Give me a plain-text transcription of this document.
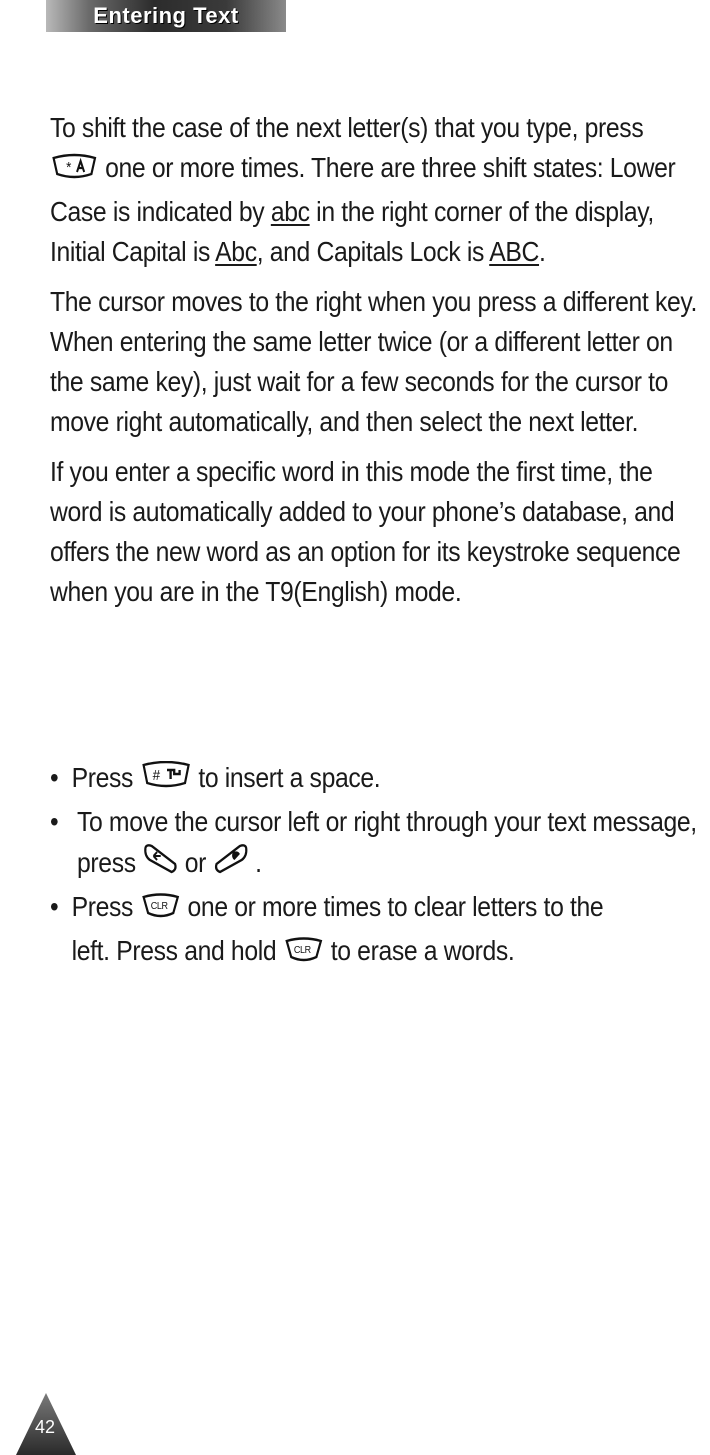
Entering Text

To shift the case of the next letter(s) that you type, press

* one or more times. There are three shift states: Lower Case is indicated by abc in the right corner of the display, Initial Capital is Abc, and Capitals Lock is ABC.

The cursor moves to the right when you press a different key. When entering the same letter twice (or a different letter on the same key), just wait for a few seconds for the cursor to move right automatically, and then select the next letter.

If you enter a specific word in this mode the first time, the word is automatically added to your phone’s database, and offers the new word as an option for its keystroke sequence when you are in the T9(English) mode.

• Press # to insert a space.
• To move the cursor left or right through your text message, press or .
• Press CLR one or more times to clear letters to the
left. Press and hold CLR to erase a words.
42
